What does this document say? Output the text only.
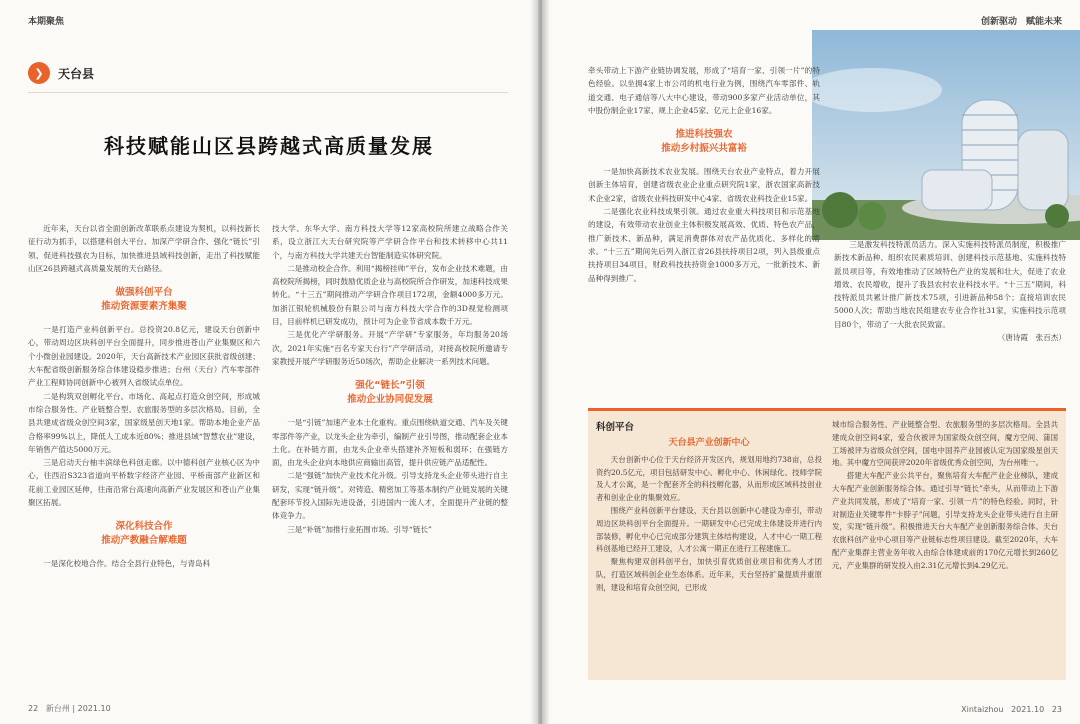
本期聚焦
❯	天台县
科技赋能山区县跨越式高质量发展

近年来，天台以省全面创新改革联系点建设为契机，以科技新长征行动为抓手，以搭建科创大平台、加深产学研合作、强化“链长”引领、促进科技强农为目标，加快推进县域科技创新，走出了科技赋能山区26县跨越式高质量发展的天台路径。

做强科创平台
推动资源要素齐集聚

一是打造产业科创新平台。总投资20.8亿元，建设天台创新中心，带动周边区块科创平台全面提升，同步推进苍山产业集聚区和六个小微创业园建设。2020年，天台高新技术产业园区获批省级创建；大车配省级创新服务综合体建设稳步推进；台州（天台）汽车零部件产业工程师协同创新中心被列入省级试点单位。

二是构筑双创孵化平台。市场化、高起点打造众创空间，形成城市综合服务性、产业链整合型、农旅服务型的多层次格局。目前，全县共建成省级众创空间3家，国家级星创天地1家。帮助本地企业产品合格率99%以上，降低人工成本近80%；推进县域“智慧农业”建设，年销售产值达5000万元。

三是启动天台柚丰滨绿色科创走廊。以中德科创产业核心区为中心，往西沿S323省道向平桥数字经济产业园、平桥南部产业新区和花前工业园区延伸，往南沿常台高速向高新产业发展区和苍山产业集聚区拓展。

深化科技合作
推动产教融合解难题

一是深化校地合作。结合全县行业特色，与青岛科

技大学、东华大学、南方科技大学等12家高校院所建立战略合作关系，设立浙江大天台研究院等产学研合作平台和技术转移中心共11个，与南方科技大学共建天台智能制造实体研究院。

二是推动校企合作。利用“揭榜挂帅”平台，发布企业技术难题，由高校院所揭榜，同时鼓励优质企业与高校院所合作研发，加速科技成果转化。“十三五”期间推动产学研合作项目172项，金额4000多万元。加浙江银轮机械股份有限公司与南方科技大学合作的3D视觉检测项目，目前样机已研发成功，预计可为企业节省成本数千万元。

三是优化产学研服务。开展“产学研”专家服务，年均服务20场次，2021年实施“百名专家天台行”产学研活动，对接高校院所邀请专家教授开展产学研服务近50场次，帮助企业解决一系列技术问题。

强化“链长”引领
推动企业协同促发展

一是“引链”加速产业本土化重构。重点围绕轨道交通、汽车及关键零部件等产业，以龙头企业为牵引，编制产业引导图，推动配套企业本土化。在补链方面，由龙头企业牵头搭建补齐短板和弱环；在强链方面，由龙头企业向本地供应商输出高管，提升供应链产品适配性。

二是“强链”加快产业技术化升级。引导支持龙头企业带头进行自主研发，实现“链升级”。对铸造、精密加工等基本制约产业链发展的关键配套环节投入国际先进设备，引进国内一流人才，全面提升产业链的整体竞争力。

三是“补链”加推行业拓围市场。引导“链长”

22 新台州 | 2021.10
创新驱动　赋能未来

牵头带动上下游产业链协调发展，形成了“培育一家、引领一片”的特色经验。以坐拥4家上市公司的机电行业为例，围绕汽车零部件、轨道交通、电子通信等八大中心建设，带动900多家产业活动单位，其中股份制企业17家、规上企业45家、亿元上企业16家。

推进科技强农
推动乡村振兴共富裕

一是加快高新技术农业发展。围绕天台农业产业特点，着力开展创新主体培育，创建省级农业企业重点研究院1家，浙农国家高新技术企业2家，省级农业科技研发中心4家、省级农业科技企业15家。

二是强化农业科技成果引领。通过农业重大科技项目和示范基地的建设，有效带动农业创业主体积极发展高效、优质、特色农产品，推广新技术、新品种，满足消费群体对农产品优质化、多样化的需求。“十三五”期间先后列入浙江省26县扶持项目2项，列入县级重点扶持项目34项目，财政科技扶持资金1000多万元，一批新技术、新品种得到推广。

三是激发科技特派员活力。深入实施科技特派员制度，积极推广新技术新品种、组织农民素质培训、创建科技示范基地、实施科技特派员项目等，有效地推动了区域特色产业的发展和壮大，促进了农业增效、农民增收，提升了我县农村农业科技水平。“十三五”期间，科技特派员共累计推广新技术75项，引进新品种58个；直接培训农民5000人次；帮助当地农民组建农专业合作社31家，实施科技示范项目80个，带动了一大批农民致富。

（唐诗霞　张百杰）
科创平台
天台县产业创新中心

天台创新中心位于天台经济开发区内，规划用地约738亩，总投资约20.5亿元，项目包括研发中心、孵化中心、休闲绿化、技师学院及人才公寓，是一个配套齐全的科技孵化器，从而形成区域科技创业者和创业企业的集聚效应。

围绕产业科创新平台建设，天台县以创新中心建设为牵引，带动周边区块科创平台全面提升。一期研发中心已完成主体建设并进行内部装修，孵化中心已完成部分建筑主体结构建设，人才中心一期工程科创基地已经开工建设，人才公寓一期正在进行工程建施工。

聚焦构建双创科创平台，加快引育优质创业项目和优秀人才团队，打造区域科创企业生态体系。近年来，天台坚持扩量提质并重原则，建设和培育众创空间，已形成

城市综合服务性、产业链整合型、农旅服务型的多层次格局。全县共建成众创空间4家，爱合伙被评为国家级众创空间，魔方空间、蒲国工场被评为省级众创空间，国电中国养产业园被认定为国家级星创天地。其中魔方空间获评2020年省级优秀众创空间，为台州唯一。

搭建大车配产业公共平台，聚焦培育大车配产业企业梯队，建成大车配产业创新服务综合体。通过引导“链长”牵头，从而带动上下游产业共同发展，形成了“培育一家、引领一片”的特色经验。同时，针对制造业关键零件“卡脖子”问题，引导支持龙头企业带头进行自主研发，实现“链升级”。积极推进天台大车配产业创新服务综合体、天台农旅科创产业中心项目等产业链标志性项目建设。截至2020年，大车配产业集群主营业务年收入由综合体建成前的170亿元增长到260亿元，产业集群的研发投入由2.31亿元增长到4.29亿元。

Xintaizhou 2021.10 23
